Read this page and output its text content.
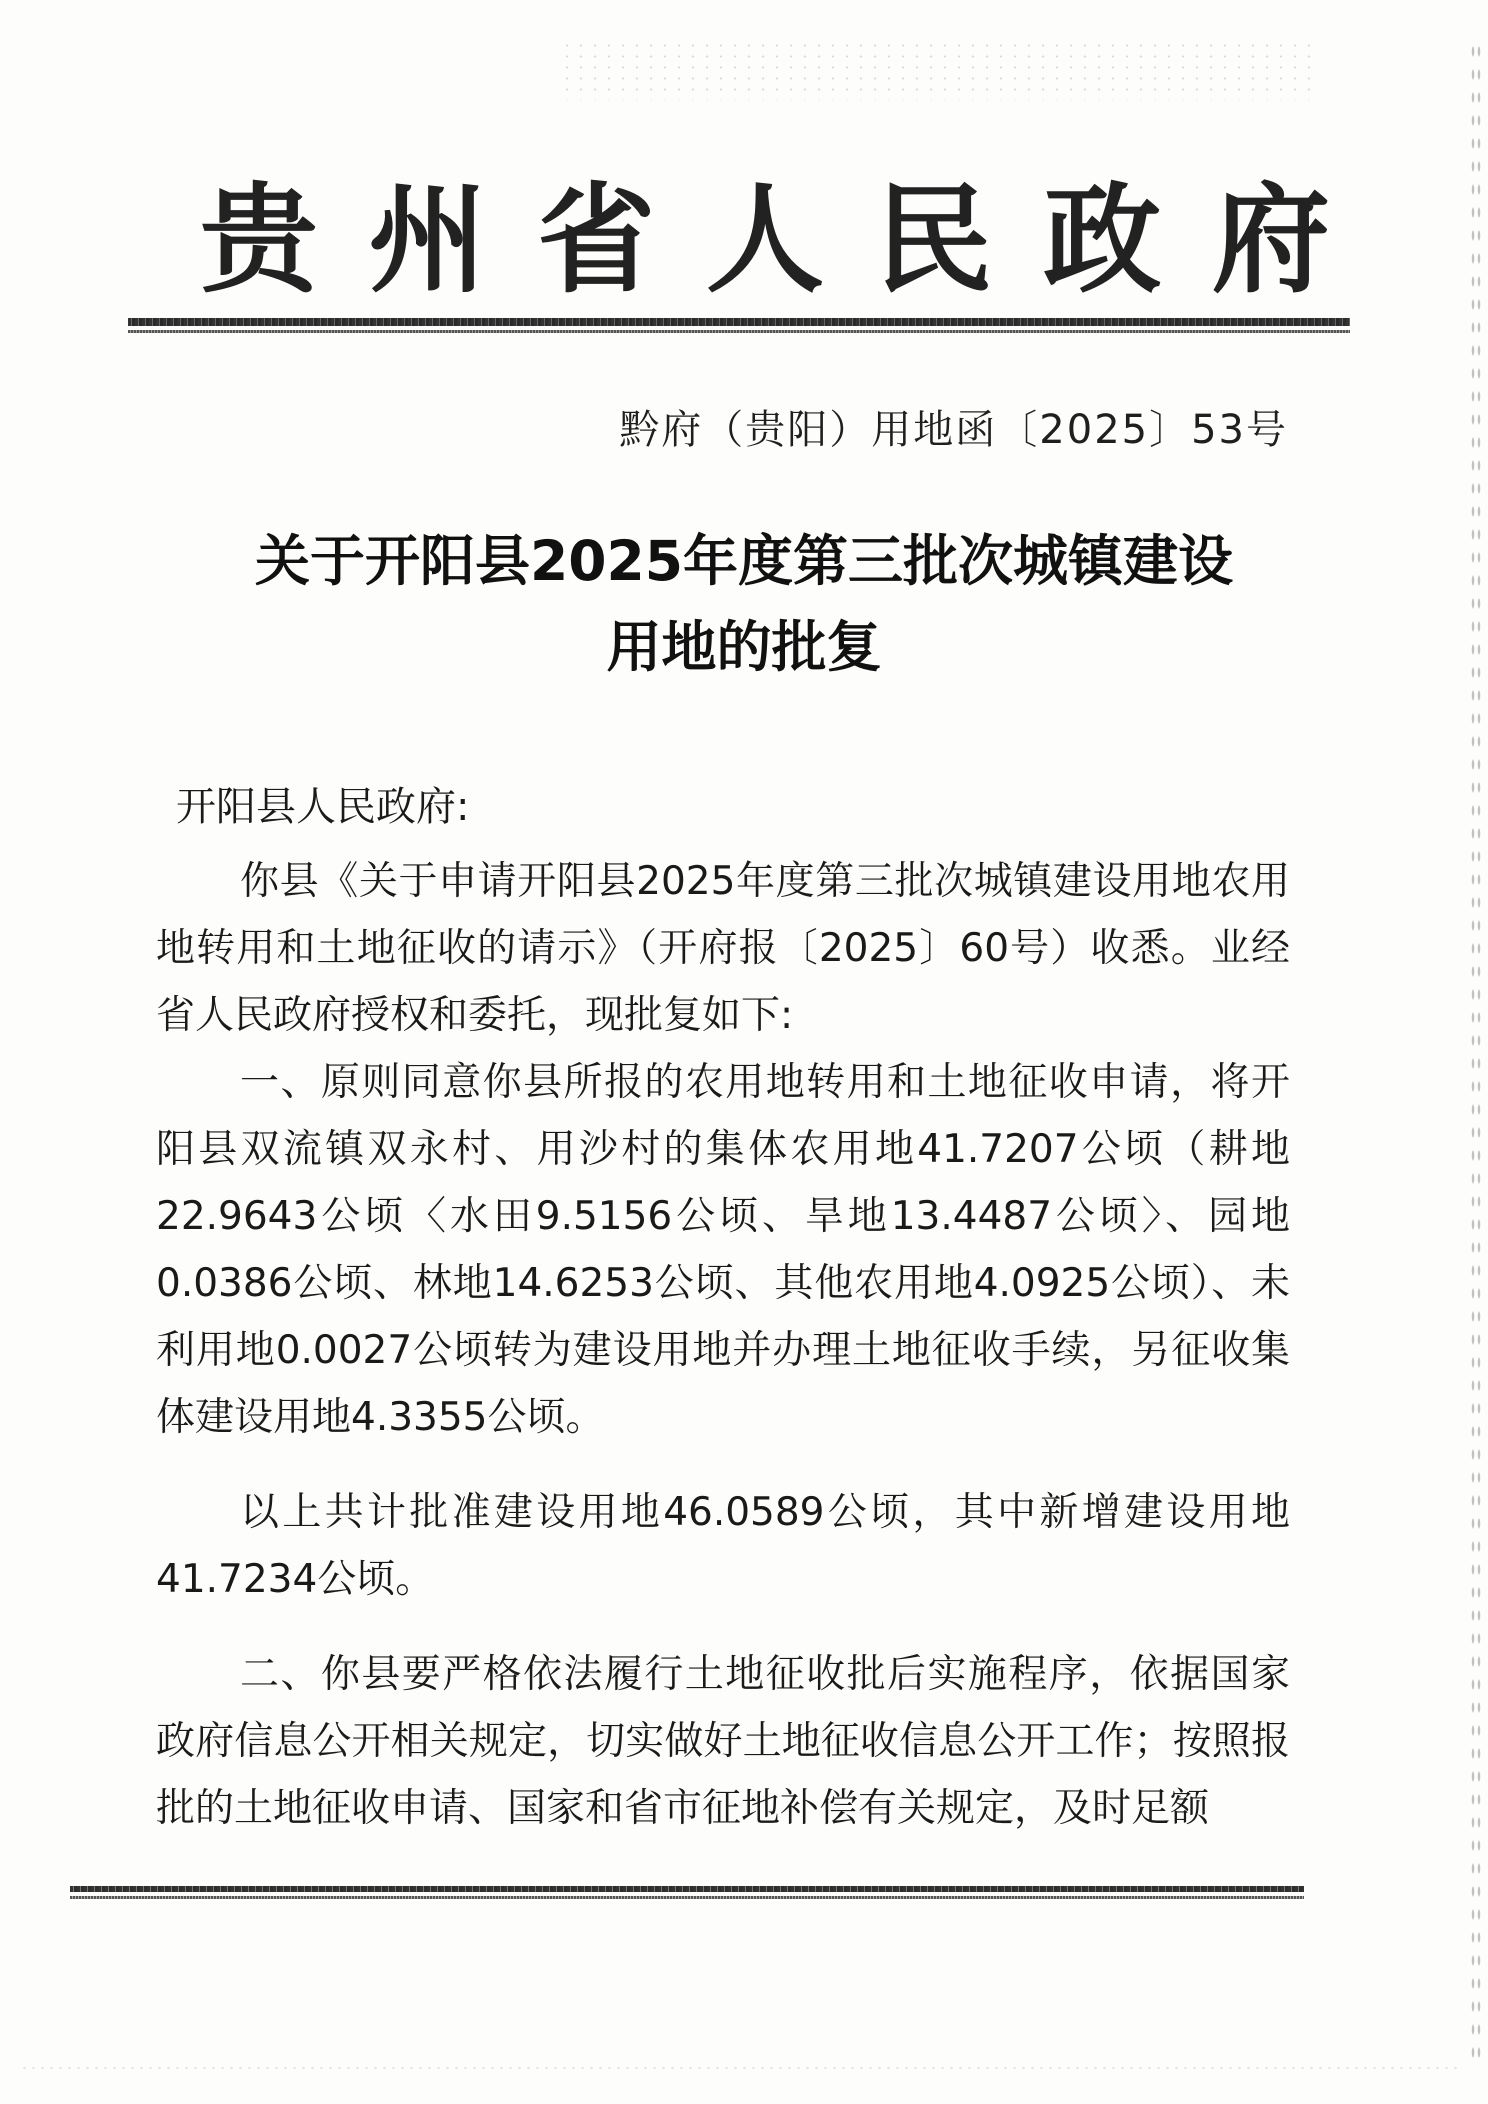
贵 州 省 人 民 政 府
黔府（贵阳）用地函〔2025〕53号
关于开阳县2025年度第三批次城镇建设
用地的批复
开阳县人民政府:

你县《关于申请开阳县2025年度第三批次城镇建设用地农用地转用和土地征收的请示》（开府报〔2025〕60号）收悉。业经省人民政府授权和委托，现批复如下:

一、原则同意你县所报的农用地转用和土地征收申请，将开阳县双流镇双永村、用沙村的集体农用地41.7207公顷（耕地22.9643公顷〈水田9.5156公顷、旱地13.4487公顷〉、园地0.0386公顷、林地14.6253公顷、其他农用地4.0925公顷）、未利用地0.0027公顷转为建设用地并办理土地征收手续，另征收集体建设用地4.3355公顷。

以上共计批准建设用地46.0589公顷，其中新增建设用地41.7234公顷。

二、你县要严格依法履行土地征收批后实施程序，依据国家政府信息公开相关规定，切实做好土地征收信息公开工作；按照报批的土地征收申请、国家和省市征地补偿有关规定，及时足额
